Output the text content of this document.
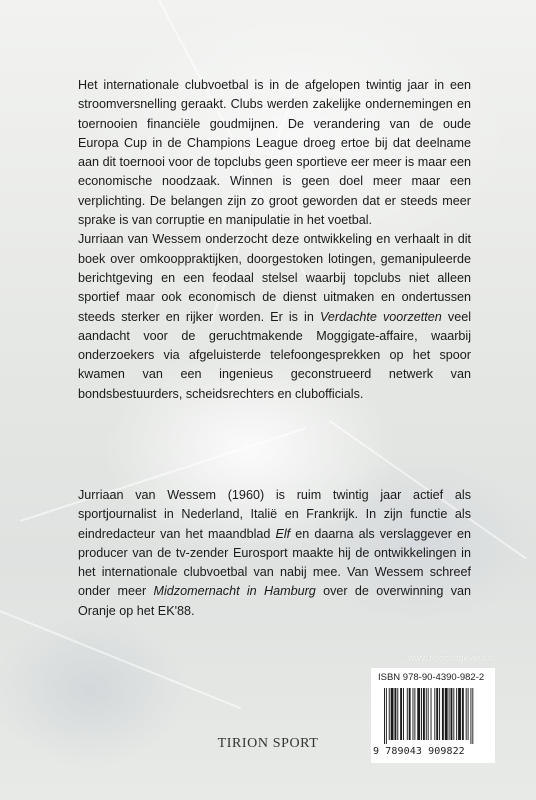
Het internationale clubvoetbal is in de afgelopen twintig jaar in een stroomversnelling geraakt. Clubs werden zakelijke ondernemingen en toernooien financiële goudmijnen. De verandering van de oude Europa Cup in de Champions League droeg ertoe bij dat deelname aan dit toernooi voor de topclubs geen sportieve eer meer is maar een economische noodzaak. Winnen is geen doel meer maar een verplichting. De belangen zijn zo groot geworden dat er steeds meer sprake is van corruptie en manipulatie in het voetbal.

Jurriaan van Wessem onderzocht deze ontwikkeling en verhaalt in dit boek over omkooppraktijken, doorgestoken lotingen, gemanipuleerde berichtgeving en een feodaal stelsel waarbij topclubs niet alleen sportief maar ook economisch de dienst uitmaken en ondertussen steeds sterker en rijker worden. Er is in Verdachte voorzetten veel aandacht voor de geruchtmakende Moggigate-affaire, waarbij onderzoekers via afgeluisterde telefoongesprekken op het spoor kwamen van een ingenieus geconstrueerd netwerk van bondsbestuurders, scheidsrechters en clubofficials.

Jurriaan van Wessem (1960) is ruim twintig jaar actief als sportjournalist in Nederland, Italië en Frankrijk. In zijn functie als eindredacteur van het maandblad Elf en daarna als verslaggever en producer van de tv-zender Eurosport maakte hij de ontwikkelingen in het internationale clubvoetbal van nabij mee. Van Wessem schreef onder meer Midzomernacht in Hamburg over de overwinning van Oranje op het EK'88.

www.tirionuitgevers.nl
ISBN 978-90-4390-982-2
9 789043 909822
TIRION SPORT
